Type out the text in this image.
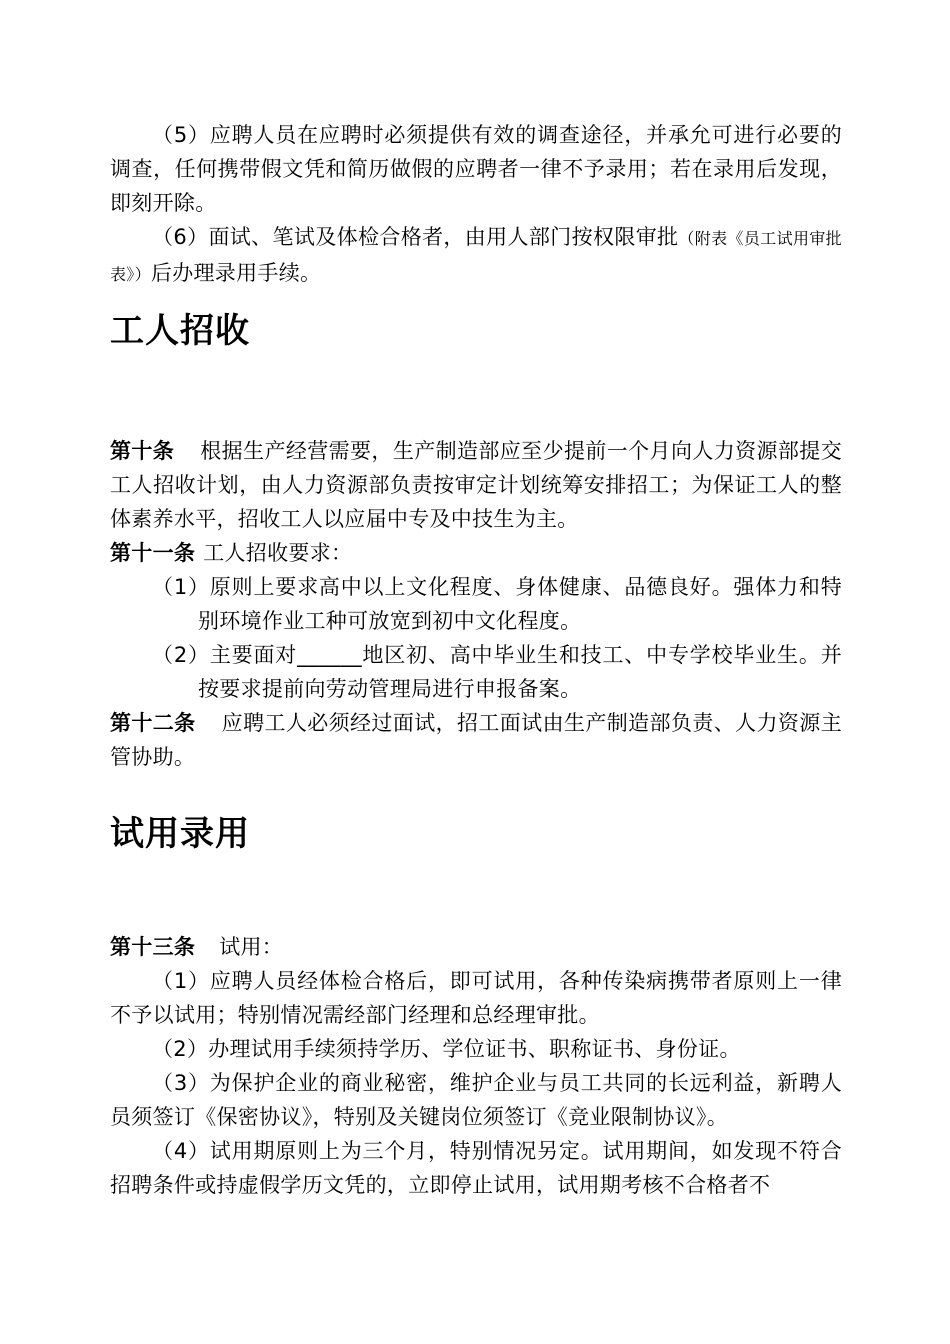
（5）应聘人员在应聘时必须提供有效的调查途径，并承允可进行必要的调查，任何携带假文凭和简历做假的应聘者一律不予录用；若在录用后发现，即刻开除。

（6）面试、笔试及体检合格者，由用人部门按权限审批（附表《员工试用审批表》）后办理录用手续。

工人招收

第十条 根据生产经营需要，生产制造部应至少提前一个月向人力资源部提交工人招收计划，由人力资源部负责按审定计划统筹安排招工；为保证工人的整体素养水平，招收工人以应届中专及中技生为主。

第十一条 工人招收要求：

（1）原则上要求高中以上文化程度、身体健康、品德良好。强体力和特别环境作业工种可放宽到初中文化程度。

（2）主要面对______地区初、高中毕业生和技工、中专学校毕业生。并按要求提前向劳动管理局进行申报备案。

第十二条 应聘工人必须经过面试，招工面试由生产制造部负责、人力资源主管协助。

试用录用

第十三条 试用：

（1）应聘人员经体检合格后，即可试用，各种传染病携带者原则上一律不予以试用；特别情况需经部门经理和总经理审批。

（2）办理试用手续须持学历、学位证书、职称证书、身份证。

（3）为保护企业的商业秘密，维护企业与员工共同的长远利益，新聘人员须签订《保密协议》，特别及关键岗位须签订《竞业限制协议》。

（4）试用期原则上为三个月，特别情况另定。试用期间，如发现不符合招聘条件或持虚假学历文凭的，立即停止试用，试用期考核不合格者不
